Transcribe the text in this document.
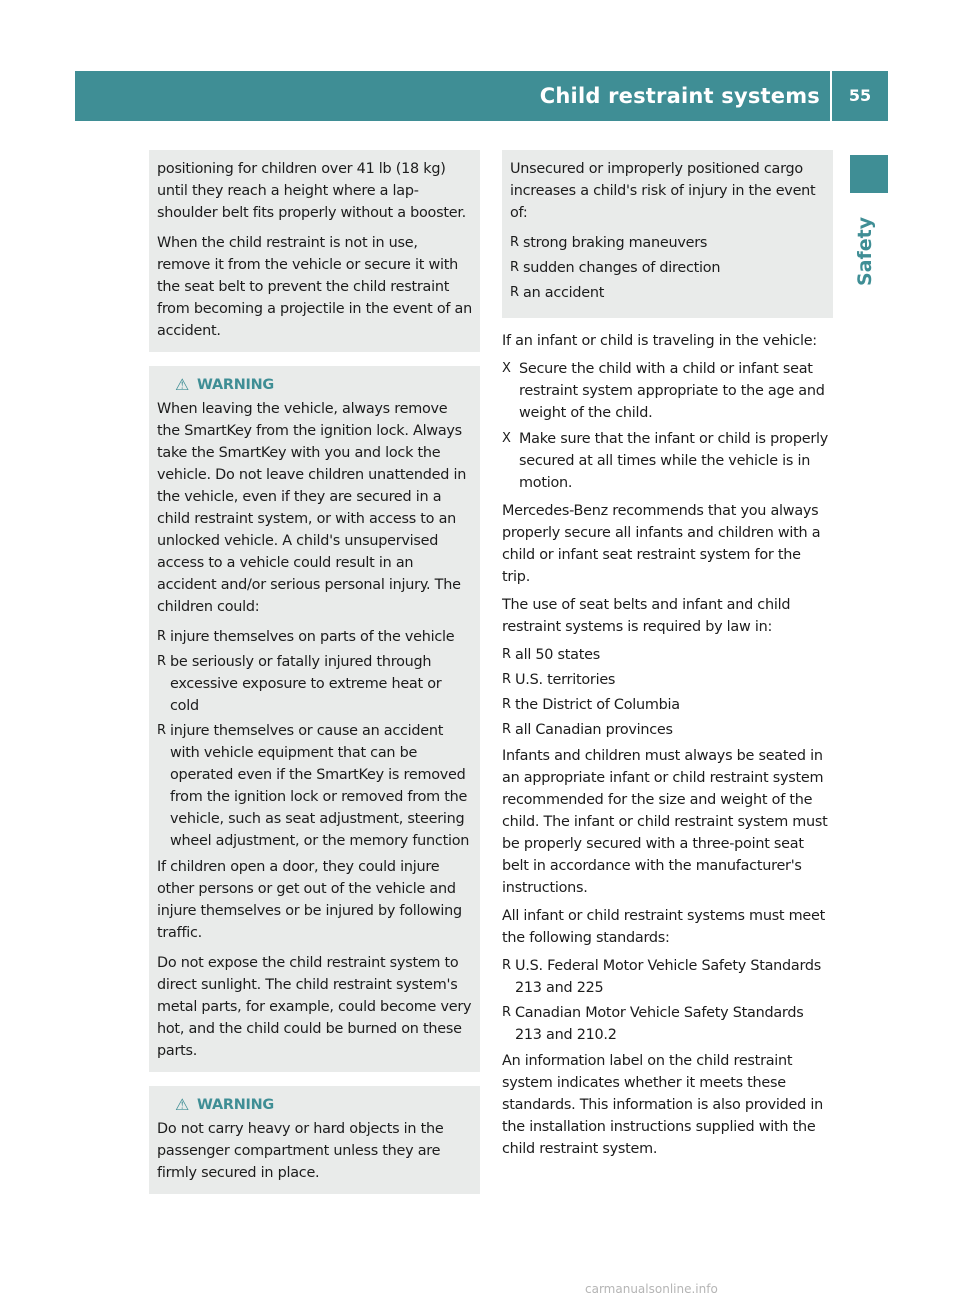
Child restraint systems	55
Safety

positioning for children over 41 lb (18 kg) until they reach a height where a lap-shoulder belt fits properly without a booster.

When the child restraint is not in use, remove it from the vehicle or secure it with the seat belt to prevent the child restraint from becoming a projectile in the event of an accident.

⚠ WARNING

When leaving the vehicle, always remove the SmartKey from the ignition lock. Always take the SmartKey with you and lock the vehicle. Do not leave children unattended in the vehicle, even if they are secured in a child restraint system, or with access to an unlocked vehicle. A child's unsupervised access to a vehicle could result in an accident and/or serious personal injury. The children could:

R injure themselves on parts of the vehicle
R be seriously or fatally injured through excessive exposure to extreme heat or cold
R injure themselves or cause an accident with vehicle equipment that can be operated even if the SmartKey is removed from the ignition lock or removed from the vehicle, such as seat adjustment, steering wheel adjustment, or the memory function

If children open a door, they could injure other persons or get out of the vehicle and injure themselves or be injured by following traffic.

Do not expose the child restraint system to direct sunlight. The child restraint system's metal parts, for example, could become very hot, and the child could be burned on these parts.

⚠ WARNING

Do not carry heavy or hard objects in the passenger compartment unless they are firmly secured in place.

Unsecured or improperly positioned cargo increases a child's risk of injury in the event of:

R strong braking maneuvers
R sudden changes of direction
R an accident

If an infant or child is traveling in the vehicle:

X Secure the child with a child or infant seat restraint system appropriate to the age and weight of the child.
X Make sure that the infant or child is properly secured at all times while the vehicle is in motion.

Mercedes-Benz recommends that you always properly secure all infants and children with a child or infant seat restraint system for the trip.

The use of seat belts and infant and child restraint systems is required by law in:

R all 50 states
R U.S. territories
R the District of Columbia
R all Canadian provinces

Infants and children must always be seated in an appropriate infant or child restraint system recommended for the size and weight of the child. The infant or child restraint system must be properly secured with a three-point seat belt in accordance with the manufacturer's instructions.

All infant or child restraint systems must meet the following standards:

R U.S. Federal Motor Vehicle Safety Standards 213 and 225
R Canadian Motor Vehicle Safety Standards 213 and 210.2

An information label on the child restraint system indicates whether it meets these standards. This information is also provided in the installation instructions supplied with the child restraint system.

carmanualsonline.info
